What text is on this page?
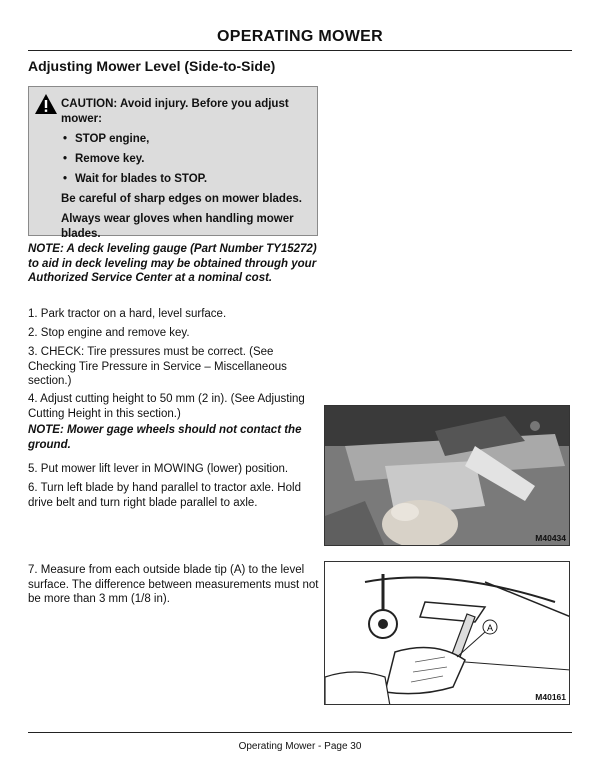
OPERATING MOWER
Adjusting Mower Level (Side-to-Side)

CAUTION: Avoid injury. Before you adjust mower:

• STOP engine,
• Remove key.
• Wait for blades to STOP.

Be careful of sharp edges on mower blades.

Always wear gloves when handling mower blades.

NOTE: A deck leveling gauge (Part Number TY15272) to aid in deck leveling may be obtained through your Authorized Service Center at a nominal cost.
1. Park tractor on a hard, level surface.
2. Stop engine and remove key.
3. CHECK: Tire pressures must be correct. (See Checking Tire Pressure in Service – Miscellaneous section.)
4. Adjust cutting height to 50 mm (2 in). (See Adjusting Cutting Height in this section.)
NOTE: Mower gage wheels should not contact the ground.
5. Put mower lift lever in MOWING (lower) position.
6. Turn left blade by hand parallel to tractor axle. Hold drive belt and turn right blade parallel to axle.
7. Measure from each outside blade tip (A) to the level surface. The difference between measurements must not be more than 3 mm (1/8 in).
M40434
A
M40161
Operating Mower - Page 30
